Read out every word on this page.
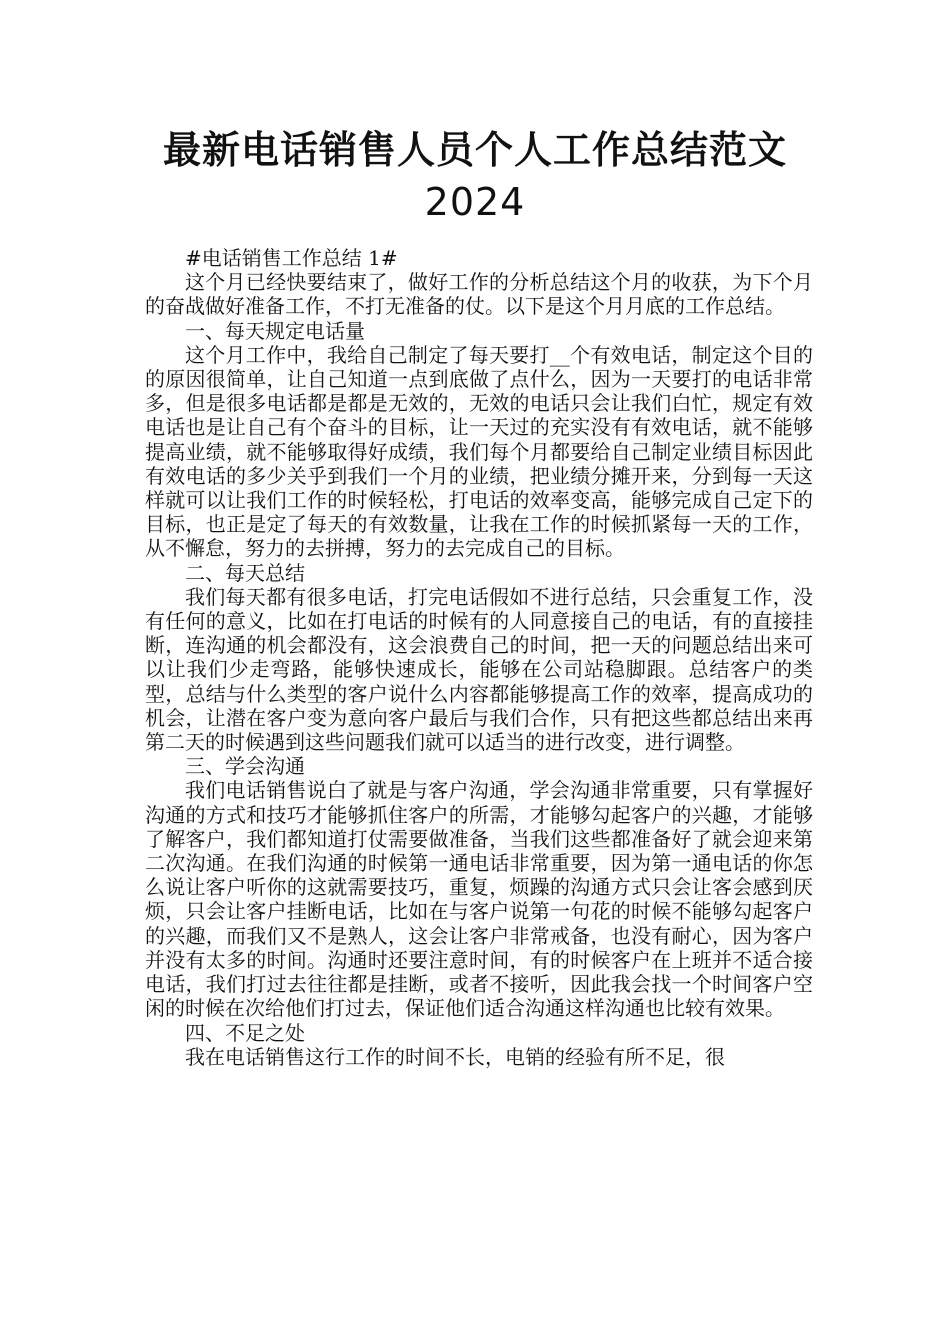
最新电话销售人员个人工作总结范文
2024

#电话销售工作总结 1#

这个月已经快要结束了，做好工作的分析总结这个月的收获，为下个月的奋战做好准备工作，不打无准备的仗。以下是这个月月底的工作总结。

一、每天规定电话量

这个月工作中，我给自己制定了每天要打__个有效电话，制定这个目的的原因很简单，让自己知道一点到底做了点什么，因为一天要打的电话非常多，但是很多电话都是都是无效的，无效的电话只会让我们白忙，规定有效电话也是让自己有个奋斗的目标，让一天过的充实没有有效电话，就不能够提高业绩，就不能够取得好成绩，我们每个月都要给自己制定业绩目标因此有效电话的多少关乎到我们一个月的业绩，把业绩分摊开来，分到每一天这样就可以让我们工作的时候轻松，打电话的效率变高，能够完成自己定下的目标，也正是定了每天的有效数量，让我在工作的时候抓紧每一天的工作，从不懈怠，努力的去拼搏，努力的去完成自己的目标。

二、每天总结

我们每天都有很多电话，打完电话假如不进行总结，只会重复工作，没有任何的意义，比如在打电话的时候有的人同意接自己的电话，有的直接挂断，连沟通的机会都没有，这会浪费自己的时间，把一天的问题总结出来可以让我们少走弯路，能够快速成长，能够在公司站稳脚跟。总结客户的类型，总结与什么类型的客户说什么内容都能够提高工作的效率，提高成功的机会，让潜在客户变为意向客户最后与我们合作，只有把这些都总结出来再第二天的时候遇到这些问题我们就可以适当的进行改变，进行调整。

三、学会沟通

我们电话销售说白了就是与客户沟通，学会沟通非常重要，只有掌握好沟通的方式和技巧才能够抓住客户的所需，才能够勾起客户的兴趣，才能够了解客户，我们都知道打仗需要做准备，当我们这些都准备好了就会迎来第二次沟通。在我们沟通的时候第一通电话非常重要，因为第一通电话的你怎么说让客户听你的这就需要技巧，重复，烦躁的沟通方式只会让客会感到厌烦，只会让客户挂断电话，比如在与客户说第一句花的时候不能够勾起客户的兴趣，而我们又不是熟人，这会让客户非常戒备，也没有耐心，因为客户并没有太多的时间。沟通时还要注意时间，有的时候客户在上班并不适合接电话，我们打过去往往都是挂断，或者不接听，因此我会找一个时间客户空闲的时候在次给他们打过去，保证他们适合沟通这样沟通也比较有效果。

四、不足之处

我在电话销售这行工作的时间不长，电销的经验有所不足，很
